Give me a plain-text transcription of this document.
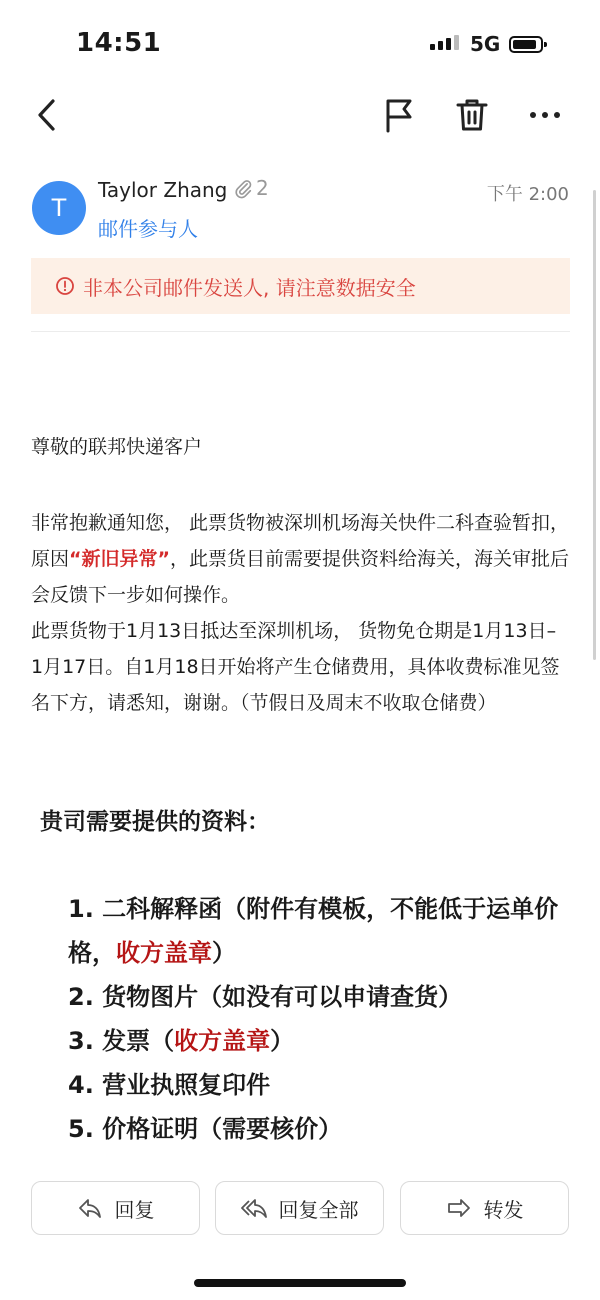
14:51	5G
T
Taylor Zhang 2
邮件参与人
下午 2:00
非本公司邮件发送人, 请注意数据安全
尊敬的联邦快递客户
非常抱歉通知您， 此票货物被深圳机场海关快件二科查验暂扣， 原因“新旧异常”，此票货目前需要提供资料给海关，海关审批后会反馈下一步如何操作。
此票货物于1月13日抵达至深圳机场， 货物免仓期是1月13日– 1月17日。自1月18日开始将产生仓储费用，具体收费标准见签名下方，请悉知，谢谢。（节假日及周末不收取仓储费）
贵司需要提供的资料：

1. 二科解释函（附件有模板，不能低于运单价格，收方盖章）

2. 货物图片（如没有可以申请查货）

3. 发票（收方盖章）

4. 营业执照复印件

5. 价格证明（需要核价）

回复	回复全部	转发
